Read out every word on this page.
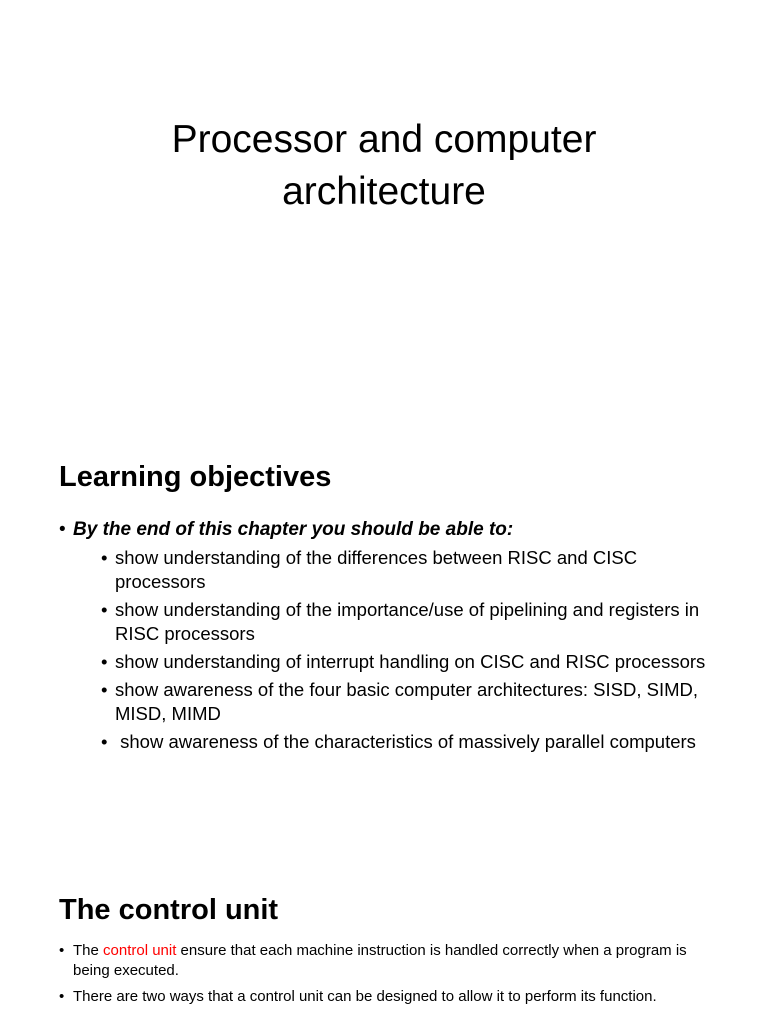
Processor and computer
architecture
Learning objectives
• By the end of this chapter you should be able to:
• show understanding of the differences between RISC and CISC processors
• show understanding of the importance/use of pipelining and registers in RISC processors
• show understanding of interrupt handling on CISC and RISC processors
• show awareness of the four basic computer architectures: SISD, SIMD, MISD, MIMD
• show awareness of the characteristics of massively parallel computers
The control unit
• The control unit ensure that each machine instruction is handled correctly when a program is being executed.
• There are two ways that a control unit can be designed to allow it to perform its function.
